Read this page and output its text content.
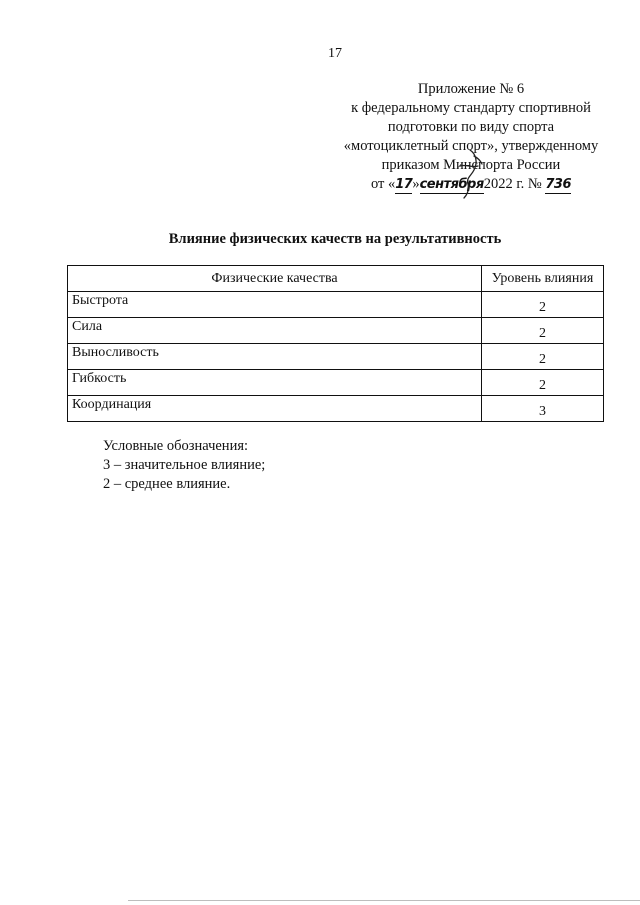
17
Приложение № 6
к федеральному стандарту спортивной
подготовки по виду спорта
«мотоциклетный спорт», утвержденному
приказом Минспорта России
от «17»сентября2022 г. № 736
Влияние физических качеств на результативность
Физические качества	Уровень влияния
Быстрота	2
Сила	2
Выносливость	2
Гибкость	2
Координация	3
Условные обозначения:
3 – значительное влияние;
2 – среднее влияние.
